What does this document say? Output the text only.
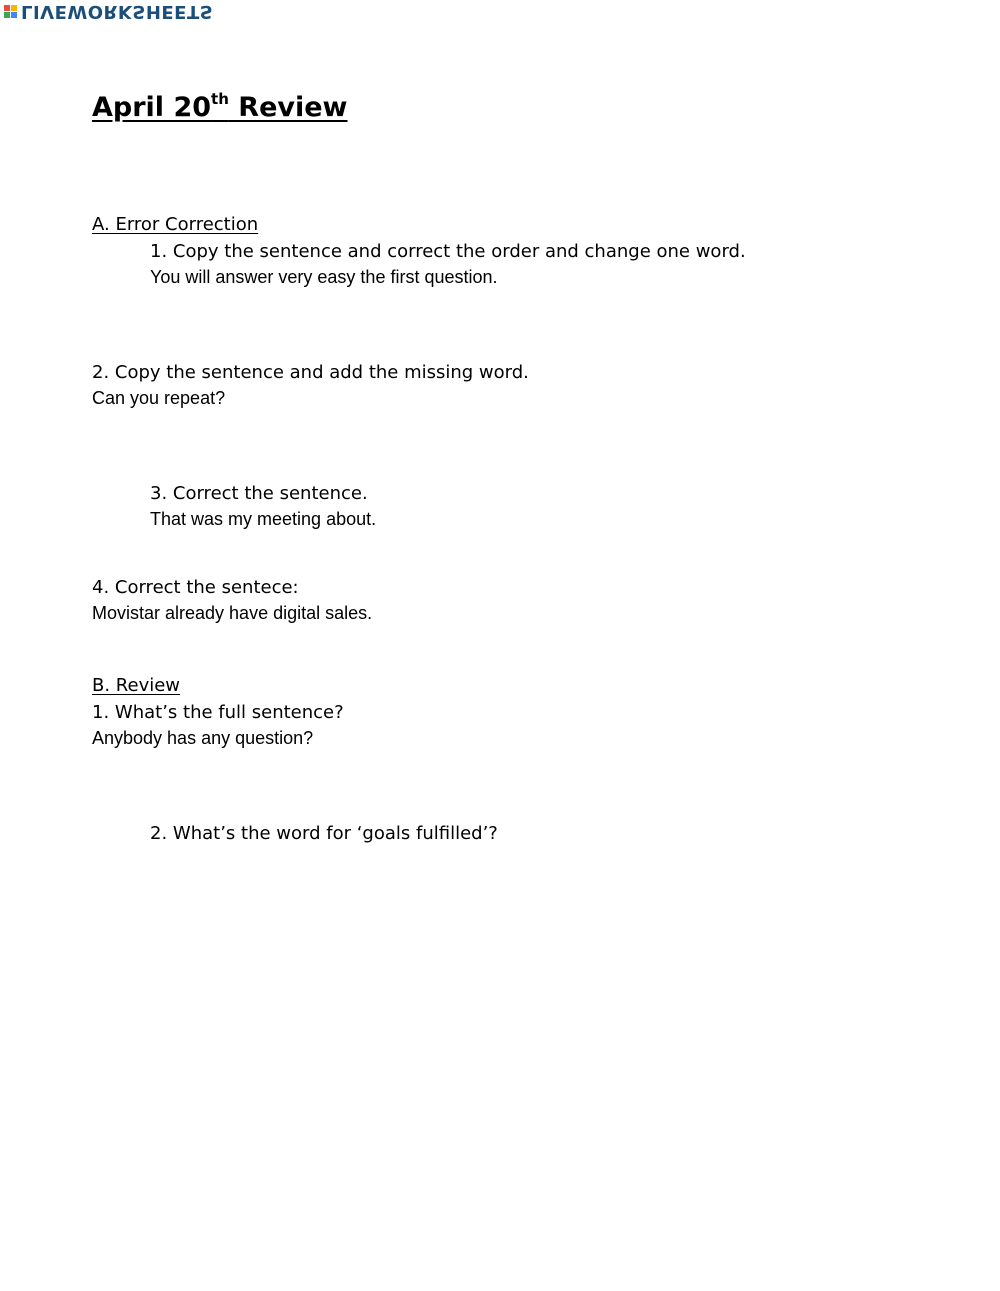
LIVEWORKSHEETS
April 20th Review
A. Error Correction
1. Copy the sentence and correct the order and change one word.
You will answer very easy the first question.
2. Copy the sentence and add the missing word.
Can you repeat?
3. Correct the sentence.
That was my meeting about.
4. Correct the sentece:
Movistar already have digital sales.
B. Review
1. What’s the full sentence?
Anybody has any question?
2. What’s the word for ‘goals fulfilled’?
